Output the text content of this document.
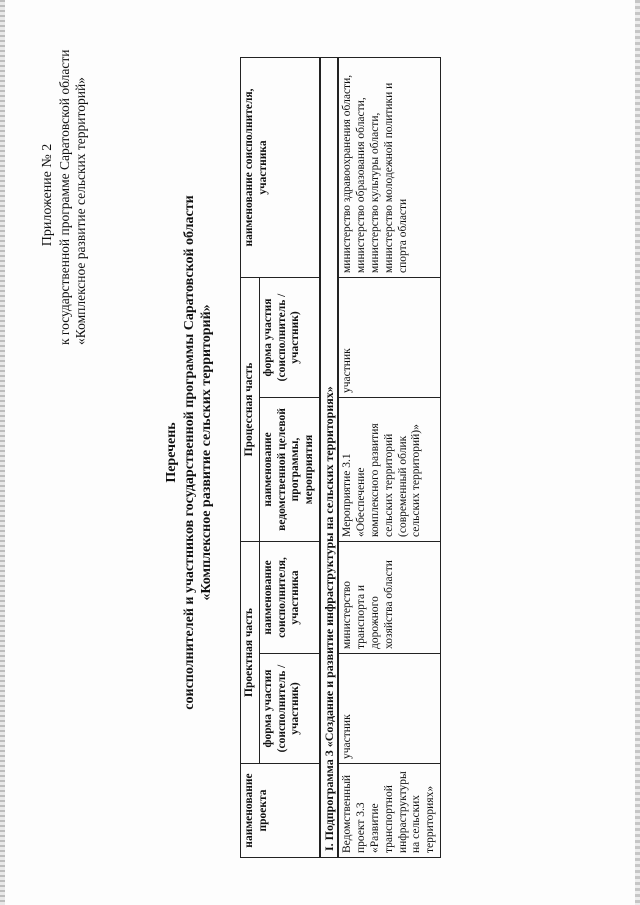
Приложение № 2 к государственной программе Саратовской области «Комплексное развитие сельских территорий»
Перечень соисполнителей и участников государственной программы Саратовской области «Комплексное развитие сельских территорий»
наименование проекта	Проектная часть		Процессная часть		наименование соисполнителя, участника
	форма участия (соисполнитель / участник)	наименование соисполнителя, участника	наименование ведомственной целевой программы, мероприятия	форма участия (соисполнитель / участник)	
I. Подпрограмма 3 «Создание и развитие инфраструктуры на сельских территориях»					
Ведомственный проект 3.3 «Развитие транспортной инфраструктуры на сельских территориях»	участник	министерство транспорта и дорожного хозяйства области	Мероприятие 3.1 «Обеспечение комплексного развития сельских территорий (современный облик сельских территорий)»	участник	министерство здравоохранения области, министерство образования области, министерство культуры области, министерство молодежной политики и спорта области
